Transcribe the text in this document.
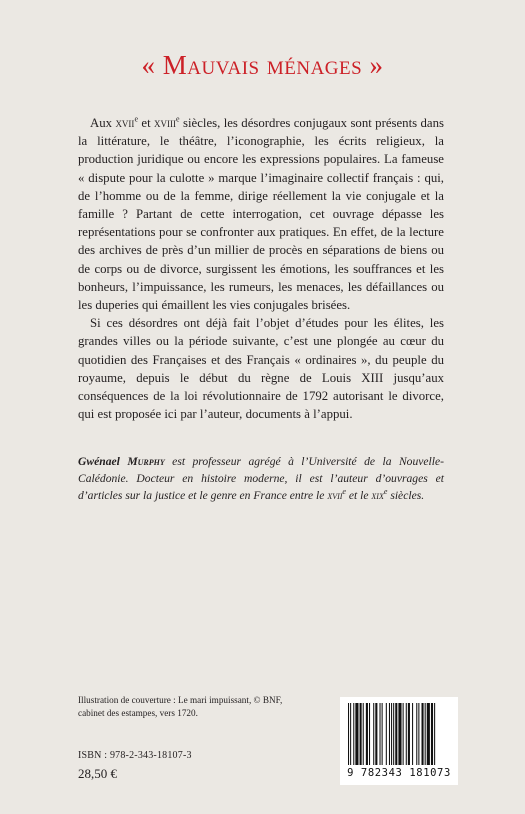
« Mauvais ménages »

Aux xvii$^e$ et xviii$^e$ siècles, les désordres conjugaux sont présents dans la littérature, le théâtre, l’iconographie, les écrits religieux, la production juridique ou encore les expressions populaires. La fameuse « dispute pour la culotte » marque l’imaginaire collectif français : qui, de l’homme ou de la femme, dirige réellement la vie conjugale et la famille ? Partant de cette interrogation, cet ouvrage dépasse les représentations pour se confronter aux pratiques. En effet, de la lecture des archives de près d’un millier de procès en séparations de biens ou de corps ou de divorce, surgissent les émotions, les souffrances et les bonheurs, l’impuissance, les rumeurs, les menaces, les défaillances ou les duperies qui émaillent les vies conjugales brisées.

Si ces désordres ont déjà fait l’objet d’études pour les élites, les grandes villes ou la période suivante, c’est une plongée au cœur du quotidien des Françaises et des Français « ordinaires », du peuple du royaume, depuis le début du règne de Louis XIII jusqu’aux conséquences de la loi révolutionnaire de 1792 autorisant le divorce, qui est proposée ici par l’auteur, documents à l’appui.

Gwénael Murphy est professeur agrégé à l’Université de la Nouvelle-Calédonie. Docteur en histoire moderne, il est l’auteur d’ouvrages et d’articles sur la justice et le genre en France entre le xvii$^e$ et le xix$^e$ siècles.
Illustration de couverture : Le mari impuissant, © BNF, cabinet des estampes, vers 1720.
ISBN : 978-2-343-18107-3
28,50 €	9 782343 181073
